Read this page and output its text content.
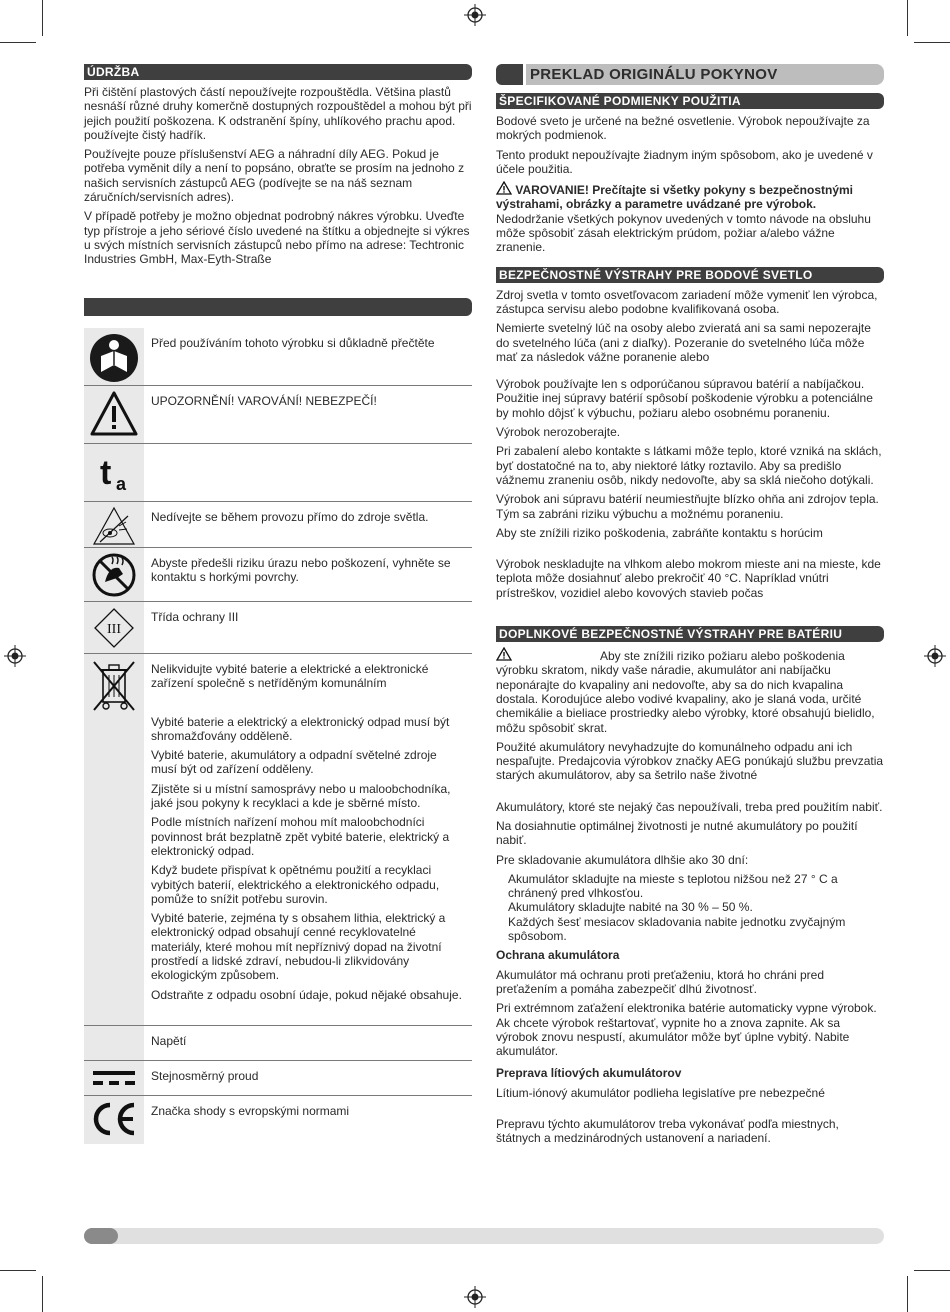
ÚDRŽBA

Při čištění plastových částí nepoužívejte rozpouštědla. Většina plastů nesnáší různé druhy komerčně dostupných rozpouštědel a mohou být při jejich použití poškozena. K odstranění špíny, uhlíkového prachu apod. používejte čistý hadřík.

Používejte pouze příslušenství AEG a náhradní díly AEG. Pokud je potřeba vyměnit díly a není to popsáno, obraťte se prosím na jednoho z našich servisních zástupců AEG (podívejte se na náš seznam záručních/servisních adres).

V případě potřeby je možno objednat podrobný nákres výrobku. Uveďte typ přístroje a jeho sériové číslo uvedené na štítku a objednejte si výkres u svých místních servisních zástupců nebo přímo na adrese: Techtronic Industries GmbH, Max-Eyth-Straße

Před používáním tohoto výrobku si důkladně přečtěte

UPOZORNĚNÍ! VAROVÁNÍ! NEBEZPEČÍ!

t a

Nedívejte se během provozu přímo do zdroje světla.

Abyste předešli riziku úrazu nebo poškození, vyhněte se kontaktu s horkými povrchy.

III

Třída ochrany III

Nelikvidujte vybité baterie a elektrické a elektronické zařízení společně s netříděným komunálním

Vybité baterie a elektrický a elektronický odpad musí být shromažďovány odděleně.

Vybité baterie, akumulátory a odpadní světelné zdroje musí být od zařízení odděleny.

Zjistěte si u místní samosprávy nebo u maloobchodníka, jaké jsou pokyny k recyklaci a kde je sběrné místo.

Podle místních nařízení mohou mít maloobchodníci povinnost brát bezplatně zpět vybité baterie, elektrický a elektronický odpad.

Když budete přispívat k opětnému použití a recyklaci vybitých baterií, elektrického a elektronického odpadu, pomůže to snížit potřebu surovin.

Vybité baterie, zejména ty s obsahem lithia, elektrický a elektronický odpad obsahují cenné recyklovatelné materiály, které mohou mít nepříznivý dopad na životní prostředí a lidské zdraví, nebudou-li zlikvidovány ekologickým způsobem.

Odstraňte z odpadu osobní údaje, pokud nějaké obsahuje.

Napětí

Stejnosměrný proud

Značka shody s evropskými normami

PREKLAD ORIGINÁLU POKYNOV
ŠPECIFIKOVANÉ PODMIENKY POUŽITIA

Bodové sveto je určené na bežné osvetlenie. Výrobok nepoužívajte za mokrých podmienok.

Tento produkt nepoužívajte žiadnym iným spôsobom, ako je uvedené v účele použitia.

VAROVANIE! Prečítajte si všetky pokyny s bezpečnostnými výstrahami, obrázky a parametre uvádzané pre výrobok. Nedodržanie všetkých pokynov uvedených v tomto návode na obsluhu môže spôsobiť zásah elektrickým prúdom, požiar a/alebo vážne zranenie.

BEZPEČNOSTNÉ VÝSTRAHY PRE BODOVÉ SVETLO

Zdroj svetla v tomto osvetľovacom zariadení môže vymeniť len výrobca, zástupca servisu alebo podobne kvalifikovaná osoba.

Nemierte svetelný lúč na osoby alebo zvieratá ani sa sami nepozerajte do svetelného lúča (ani z diaľky). Pozeranie do svetelného lúča môže mať za následok vážne poranenie alebo

Výrobok používajte len s odporúčanou súpravou batérií a nabíjačkou. Použitie inej súpravy batérií spôsobí poškodenie výrobku a potenciálne by mohlo dôjsť k výbuchu, požiaru alebo osobnému poraneniu.

Výrobok nerozoberajte.

Pri zabalení alebo kontakte s látkami môže teplo, ktoré vzniká na sklách, byť dostatočné na to, aby niektoré látky roztavilo. Aby sa predišlo vážnemu zraneniu osôb, nikdy nedovoľte, aby sa sklá niečoho dotýkali.

Výrobok ani súpravu batérií neumiestňujte blízko ohňa ani zdrojov tepla. Tým sa zabráni riziku výbuchu a možnému poraneniu.

Aby ste znížili riziko poškodenia, zabráňte kontaktu s horúcim

Výrobok neskladujte na vlhkom alebo mokrom mieste ani na mieste, kde teplota môže dosiahnuť alebo prekročiť 40 °C. Napríklad vnútri prístreškov, vozidiel alebo kovových stavieb počas

DOPLNKOVÉ BEZPEČNOSTNÉ VÝSTRAHY PRE BATÉRIU

Aby ste znížili riziko požiaru alebo poškodenia výrobku skratom, nikdy vaše náradie, akumulátor ani nabíjačku neponárajte do kvapaliny ani nedovoľte, aby sa do nich kvapalina dostala. Korodujúce alebo vodivé kvapaliny, ako je slaná voda, určité chemikálie a bieliace prostriedky alebo výrobky, ktoré obsahujú bielidlo, môžu spôsobiť skrat.

Použité akumulátory nevyhadzujte do komunálneho odpadu ani ich nespaľujte. Predajcovia výrobkov značky AEG ponúkajú službu prevzatia starých akumulátorov, aby sa šetrilo naše životné

Akumulátory, ktoré ste nejaký čas nepoužívali, treba pred použitím nabiť.

Na dosiahnutie optimálnej životnosti je nutné akumulátory po použití nabiť.

Pre skladovanie akumulátora dlhšie ako 30 dní:

Akumulátor skladujte na mieste s teplotou nižšou než 27 ° C a chránený pred vlhkosťou.

Akumulátory skladujte nabité na 30 % – 50 %.

Každých šesť mesiacov skladovania nabite jednotku zvyčajným spôsobom.

Ochrana akumulátora

Akumulátor má ochranu proti preťaženiu, ktorá ho chráni pred preťažením a pomáha zabezpečiť dlhú životnosť.

Pri extrémnom zaťažení elektronika batérie automaticky vypne výrobok. Ak chcete výrobok reštartovať, vypnite ho a znova zapnite. Ak sa výrobok znovu nespustí, akumulátor môže byť úplne vybitý. Nabite akumulátor.

Preprava lítiových akumulátorov

Lítium-iónový akumulátor podlieha legislatíve pre nebezpečné

Prepravu týchto akumulátorov treba vykonávať podľa miestnych, štátnych a medzinárodných ustanovení a nariadení.
